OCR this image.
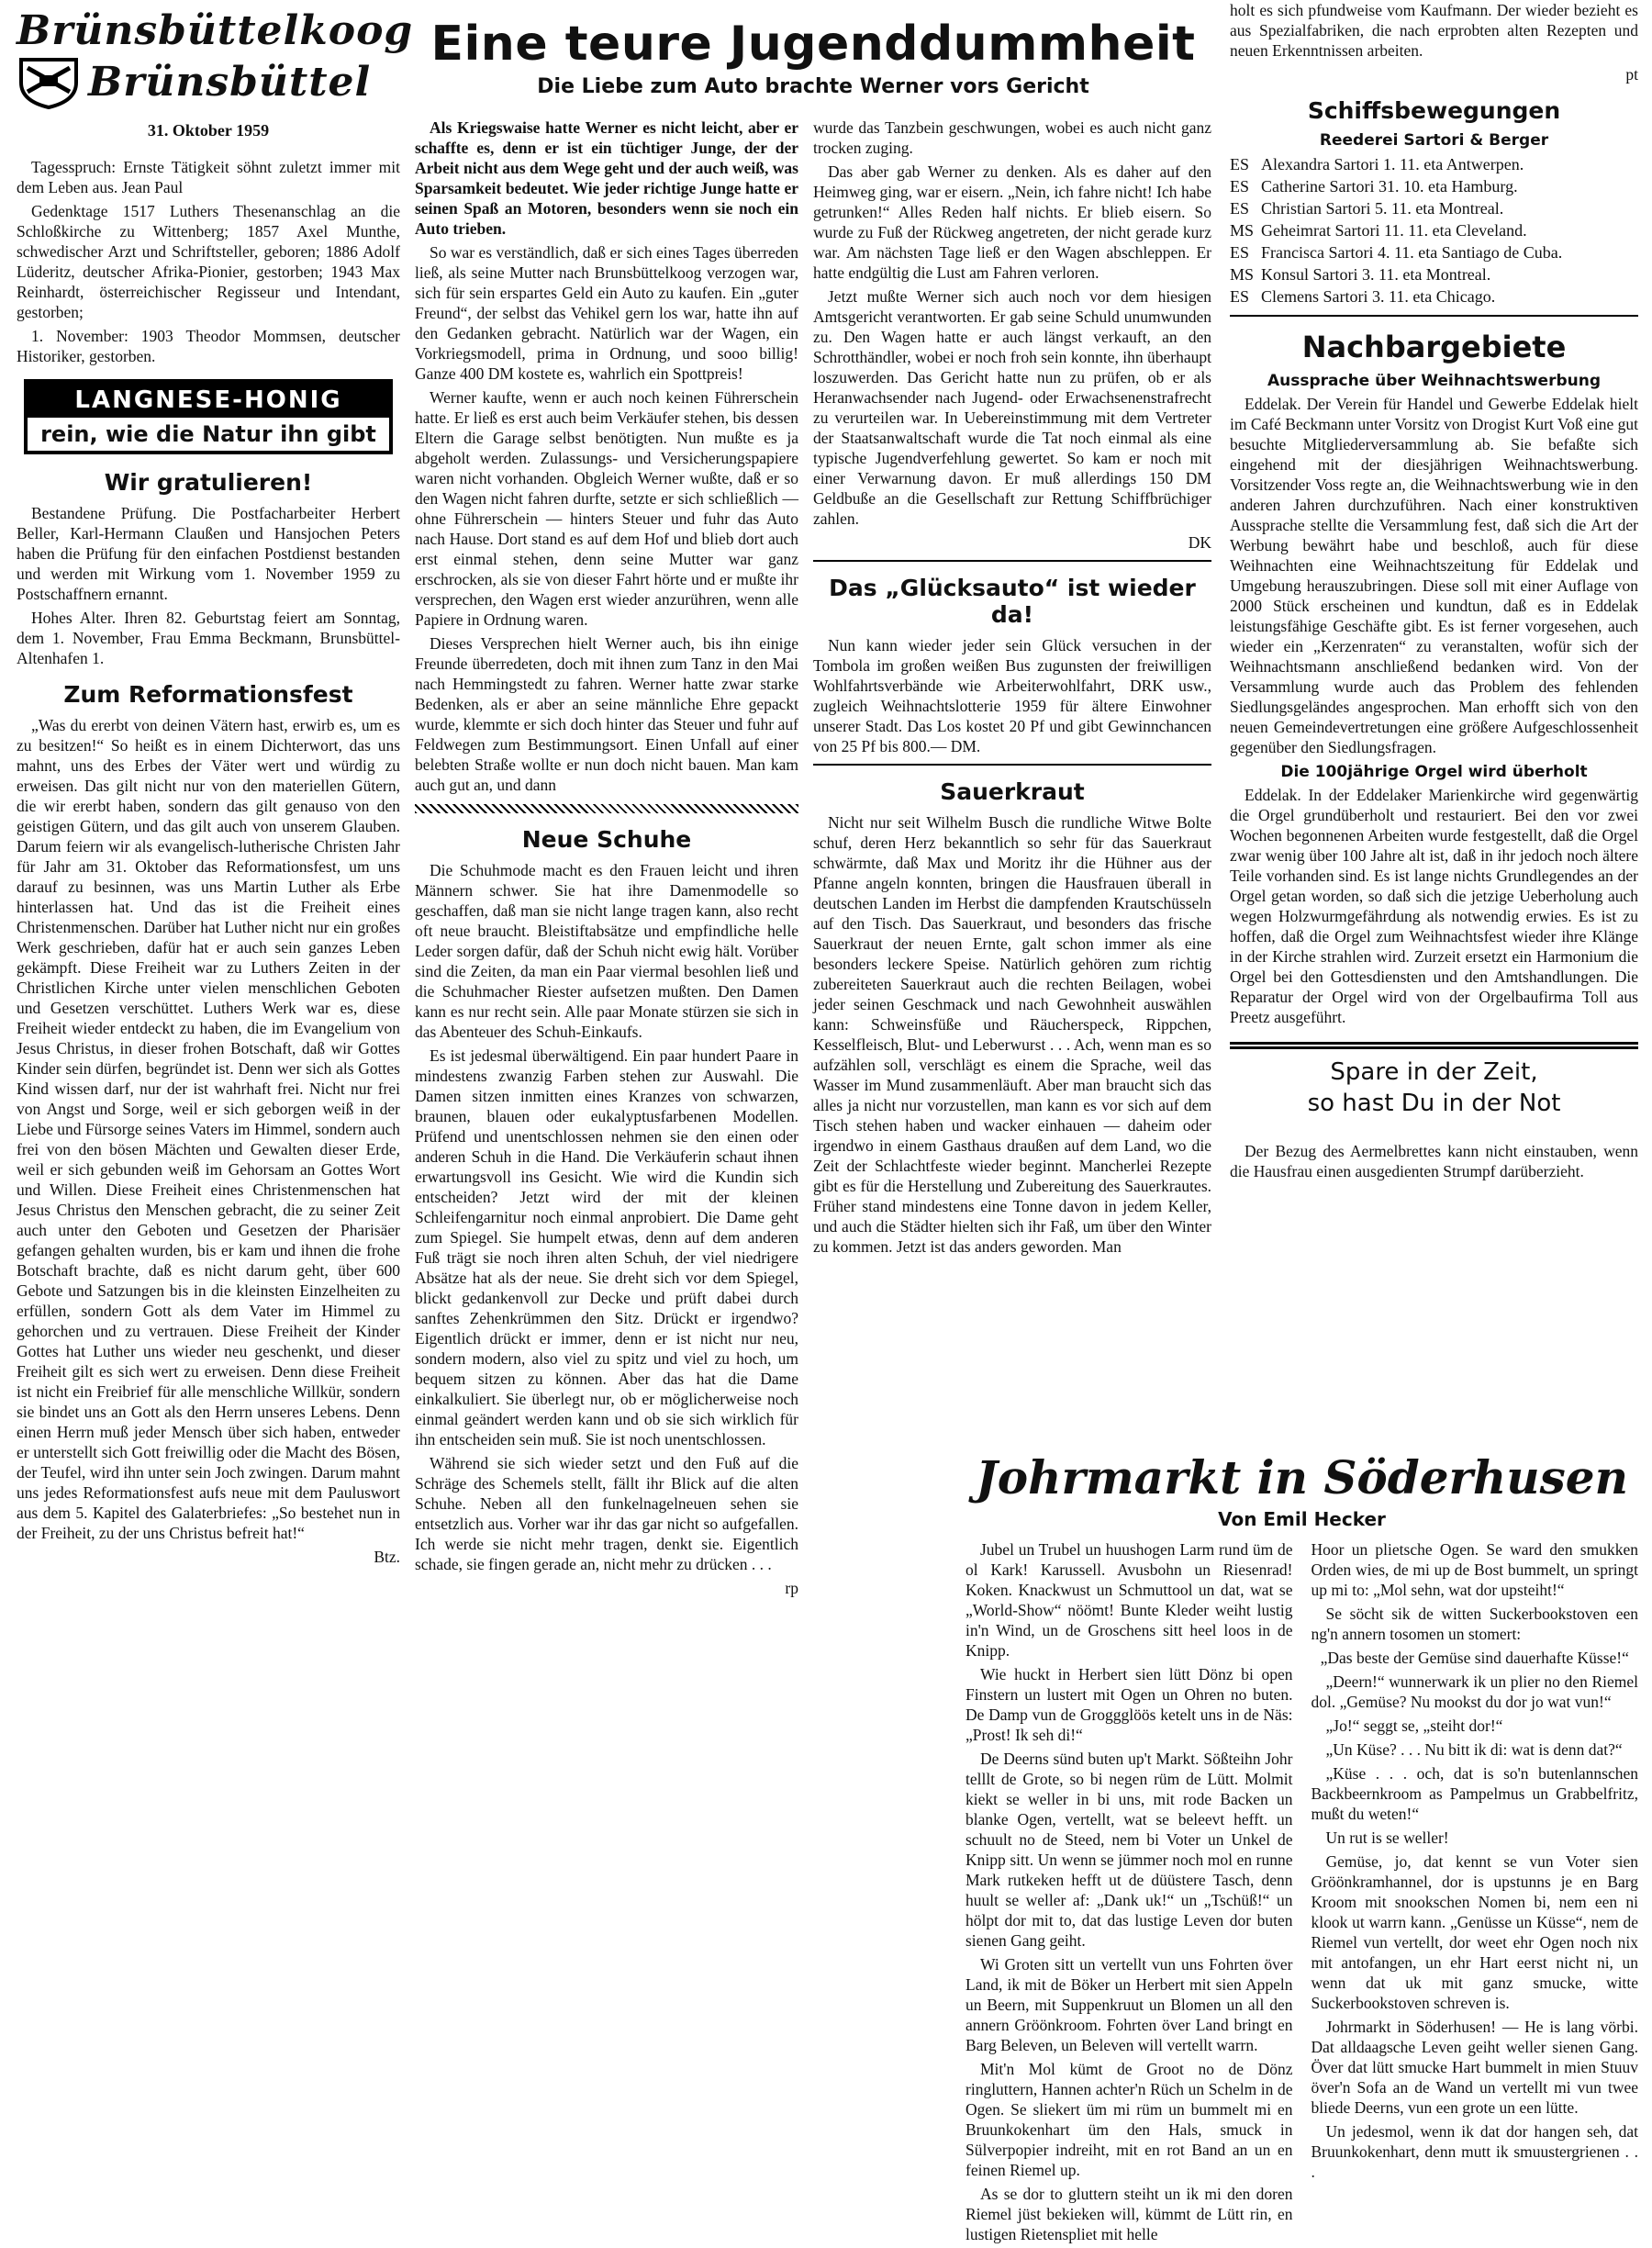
Brünsbüttelkoog
Brünsbüttel
31. Oktober 1959

Tagesspruch: Ernste Tätigkeit söhnt zuletzt immer mit dem Leben aus. Jean Paul

Gedenktage 1517 Luthers Thesenanschlag an die Schloßkirche zu Wittenberg; 1857 Axel Munthe, schwedischer Arzt und Schriftsteller, geboren; 1886 Adolf Lüderitz, deutscher Afrika-Pionier, gestorben; 1943 Max Reinhardt, österreichischer Regisseur und Intendant, gestorben;

1. November: 1903 Theodor Mommsen, deutscher Historiker, gestorben.

LANGNESE-HONIG
rein, wie die Natur ihn gibt
Wir gratulieren!

Bestandene Prüfung. Die Postfacharbeiter Herbert Beller, Karl-Hermann Claußen und Hansjochen Peters haben die Prüfung für den einfachen Postdienst bestanden und werden mit Wirkung vom 1. November 1959 zu Postschaffnern ernannt.

Hohes Alter. Ihren 82. Geburtstag feiert am Sonntag, dem 1. November, Frau Emma Beckmann, Brunsbüttel-Altenhafen 1.

Zum Reformationsfest

„Was du ererbt von deinen Vätern hast, erwirb es, um es zu besitzen!“ So heißt es in einem Dichterwort, das uns mahnt, uns des Erbes der Väter wert und würdig zu erweisen. Das gilt nicht nur von den materiellen Gütern, die wir ererbt haben, sondern das gilt genauso von den geistigen Gütern, und das gilt auch von unserem Glauben. Darum feiern wir als evangelisch-lutherische Christen Jahr für Jahr am 31. Oktober das Reformationsfest, um uns darauf zu besinnen, was uns Martin Luther als Erbe hinterlassen hat. Und das ist die Freiheit eines Christenmenschen. Darüber hat Luther nicht nur ein großes Werk geschrieben, dafür hat er auch sein ganzes Leben gekämpft. Diese Freiheit war zu Luthers Zeiten in der Christlichen Kirche unter vielen menschlichen Geboten und Gesetzen verschüttet. Luthers Werk war es, diese Freiheit wieder entdeckt zu haben, die im Evangelium von Jesus Christus, in dieser frohen Botschaft, daß wir Gottes Kinder sein dürfen, begründet ist. Denn wer sich als Gottes Kind wissen darf, nur der ist wahrhaft frei. Nicht nur frei von Angst und Sorge, weil er sich geborgen weiß in der Liebe und Fürsorge seines Vaters im Himmel, sondern auch frei von den bösen Mächten und Gewalten dieser Erde, weil er sich gebunden weiß im Gehorsam an Gottes Wort und Willen. Diese Freiheit eines Christenmenschen hat Jesus Christus den Menschen gebracht, die zu seiner Zeit auch unter den Geboten und Gesetzen der Pharisäer gefangen gehalten wurden, bis er kam und ihnen die frohe Botschaft brachte, daß es nicht darum geht, über 600 Gebote und Satzungen bis in die kleinsten Einzelheiten zu erfüllen, sondern Gott als dem Vater im Himmel zu gehorchen und zu vertrauen. Diese Freiheit der Kinder Gottes hat Luther uns wieder neu geschenkt, und dieser Freiheit gilt es sich wert zu erweisen. Denn diese Freiheit ist nicht ein Freibrief für alle menschliche Willkür, sondern sie bindet uns an Gott als den Herrn unseres Lebens. Denn einen Herrn muß jeder Mensch über sich haben, entweder er unterstellt sich Gott freiwillig oder die Macht des Bösen, der Teufel, wird ihn unter sein Joch zwingen. Darum mahnt uns jedes Reformationsfest aufs neue mit dem Pauluswort aus dem 5. Kapitel des Galaterbriefes: „So bestehet nun in der Freiheit, zu der uns Christus befreit hat!“

Btz.

Eine teure Jugenddummheit
Die Liebe zum Auto brachte Werner vors Gericht

Als Kriegswaise hatte Werner es nicht leicht, aber er schaffte es, denn er ist ein tüchtiger Junge, der der Arbeit nicht aus dem Wege geht und der auch weiß, was Sparsamkeit bedeutet. Wie jeder richtige Junge hatte er seinen Spaß an Motoren, besonders wenn sie noch ein Auto trieben.

So war es verständlich, daß er sich eines Tages überreden ließ, als seine Mutter nach Brunsbüttelkoog verzogen war, sich für sein erspartes Geld ein Auto zu kaufen. Ein „guter Freund“, der selbst das Vehikel gern los war, hatte ihn auf den Gedanken gebracht. Natürlich war der Wagen, ein Vorkriegsmodell, prima in Ordnung, und sooo billig! Ganze 400 DM kostete es, wahrlich ein Spottpreis!

Werner kaufte, wenn er auch noch keinen Führerschein hatte. Er ließ es erst auch beim Verkäufer stehen, bis dessen Eltern die Garage selbst benötigten. Nun mußte es ja abgeholt werden. Zulassungs- und Versicherungspapiere waren nicht vorhanden. Obgleich Werner wußte, daß er so den Wagen nicht fahren durfte, setzte er sich schließlich — ohne Führerschein — hinters Steuer und fuhr das Auto nach Hause. Dort stand es auf dem Hof und blieb dort auch erst einmal stehen, denn seine Mutter war ganz erschrocken, als sie von dieser Fahrt hörte und er mußte ihr versprechen, den Wagen erst wieder anzurühren, wenn alle Papiere in Ordnung waren.

Dieses Versprechen hielt Werner auch, bis ihn einige Freunde überredeten, doch mit ihnen zum Tanz in den Mai nach Hemmingstedt zu fahren. Werner hatte zwar starke Bedenken, als er aber an seine männliche Ehre gepackt wurde, klemmte er sich doch hinter das Steuer und fuhr auf Feldwegen zum Bestimmungsort. Einen Unfall auf einer belebten Straße wollte er nun doch nicht bauen. Man kam auch gut an, und dann

Neue Schuhe

Die Schuhmode macht es den Frauen leicht und ihren Männern schwer. Sie hat ihre Damenmodelle so geschaffen, daß man sie nicht lange tragen kann, also recht oft neue braucht. Bleistiftabsätze und empfindliche helle Leder sorgen dafür, daß der Schuh nicht ewig hält. Vorüber sind die Zeiten, da man ein Paar viermal besohlen ließ und die Schuhmacher Riester aufsetzen mußten. Den Damen kann es nur recht sein. Alle paar Monate stürzen sie sich in das Abenteuer des Schuh-Einkaufs.

Es ist jedesmal überwältigend. Ein paar hundert Paare in mindestens zwanzig Farben stehen zur Auswahl. Die Damen sitzen inmitten eines Kranzes von schwarzen, braunen, blauen oder eukalyptusfarbenen Modellen. Prüfend und unentschlossen nehmen sie den einen oder anderen Schuh in die Hand. Die Verkäuferin schaut ihnen erwartungsvoll ins Gesicht. Wie wird die Kundin sich entscheiden? Jetzt wird der mit der kleinen Schleifengarnitur noch einmal anprobiert. Die Dame geht zum Spiegel. Sie humpelt etwas, denn auf dem anderen Fuß trägt sie noch ihren alten Schuh, der viel niedrigere Absätze hat als der neue. Sie dreht sich vor dem Spiegel, blickt gedankenvoll zur Decke und prüft dabei durch sanftes Zehenkrümmen den Sitz. Drückt er irgendwo? Eigentlich drückt er immer, denn er ist nicht nur neu, sondern modern, also viel zu spitz und viel zu hoch, um bequem sitzen zu können. Aber das hat die Dame einkalkuliert. Sie überlegt nur, ob er möglicherweise noch einmal geändert werden kann und ob sie sich wirklich für ihn entscheiden sein muß. Sie ist noch unentschlossen.

Während sie sich wieder setzt und den Fuß auf die Schräge des Schemels stellt, fällt ihr Blick auf die alten Schuhe. Neben all den funkelnagelneuen sehen sie entsetzlich aus. Vorher war ihr das gar nicht so aufgefallen. Ich werde sie nicht mehr tragen, denkt sie. Eigentlich schade, sie fingen gerade an, nicht mehr zu drücken . . .

rp

wurde das Tanzbein geschwungen, wobei es auch nicht ganz trocken zuging.

Das aber gab Werner zu denken. Als es daher auf den Heimweg ging, war er eisern. „Nein, ich fahre nicht! Ich habe getrunken!“ Alles Reden half nichts. Er blieb eisern. So wurde zu Fuß der Rückweg angetreten, der nicht gerade kurz war. Am nächsten Tage ließ er den Wagen abschleppen. Er hatte endgültig die Lust am Fahren verloren.

Jetzt mußte Werner sich auch noch vor dem hiesigen Amtsgericht verantworten. Er gab seine Schuld unumwunden zu. Den Wagen hatte er auch längst verkauft, an den Schrotthändler, wobei er noch froh sein konnte, ihn überhaupt loszuwerden. Das Gericht hatte nun zu prüfen, ob er als Heranwachsender nach Jugend- oder Erwachsenenstrafrecht zu verurteilen war. In Uebereinstimmung mit dem Vertreter der Staatsanwaltschaft wurde die Tat noch einmal als eine typische Jugendverfehlung gewertet. So kam er noch mit einer Verwarnung davon. Er muß allerdings 150 DM Geldbuße an die Gesellschaft zur Rettung Schiffbrüchiger zahlen.

DK

Das „Glücksauto“ ist wieder da!

Nun kann wieder jeder sein Glück versuchen in der Tombola im großen weißen Bus zugunsten der freiwilligen Wohlfahrtsverbände wie Arbeiterwohlfahrt, DRK usw., zugleich Weihnachtslotterie 1959 für ältere Einwohner unserer Stadt. Das Los kostet 20 Pf und gibt Gewinnchancen von 25 Pf bis 800.— DM.

Sauerkraut

Nicht nur seit Wilhelm Busch die rundliche Witwe Bolte schuf, deren Herz bekanntlich so sehr für das Sauerkraut schwärmte, daß Max und Moritz ihr die Hühner aus der Pfanne angeln konnten, bringen die Hausfrauen überall in deutschen Landen im Herbst die dampfenden Krautschüsseln auf den Tisch. Das Sauerkraut, und besonders das frische Sauerkraut der neuen Ernte, galt schon immer als eine besonders leckere Speise. Natürlich gehören zum richtig zubereiteten Sauerkraut auch die rechten Beilagen, wobei jeder seinen Geschmack und nach Gewohnheit auswählen kann: Schweinsfüße und Räucherspeck, Rippchen, Kesselfleisch, Blut- und Leberwurst . . . Ach, wenn man es so aufzählen soll, verschlägt es einem die Sprache, weil das Wasser im Mund zusammenläuft. Aber man braucht sich das alles ja nicht nur vorzustellen, man kann es vor sich auf dem Tisch stehen haben und wacker einhauen — daheim oder irgendwo in einem Gasthaus draußen auf dem Land, wo die Zeit der Schlachtfeste wieder beginnt. Mancherlei Rezepte gibt es für die Herstellung und Zubereitung des Sauerkrautes. Früher stand mindestens eine Tonne davon in jedem Keller, und auch die Städter hielten sich ihr Faß, um über den Winter zu kommen. Jetzt ist das anders geworden. Man

holt es sich pfundweise vom Kaufmann. Der wieder bezieht es aus Spezialfabriken, die nach erprobten alten Rezepten und neuen Erkenntnissen arbeiten.

pt

Schiffsbewegungen
Reederei Sartori & Berger
ES Alexandra Sartori 1. 11. eta Antwerpen.
ES Catherine Sartori 31. 10. eta Hamburg.
ES Christian Sartori 5. 11. eta Montreal.
MS Geheimrat Sartori 11. 11. eta Cleveland.
ES Francisca Sartori 4. 11. eta Santiago de Cuba.
MS Konsul Sartori 3. 11. eta Montreal.
ES Clemens Sartori 3. 11. eta Chicago.
Nachbargebiete
Aussprache über Weihnachtswerbung

Eddelak. Der Verein für Handel und Gewerbe Eddelak hielt im Café Beckmann unter Vorsitz von Drogist Kurt Voß eine gut besuchte Mitgliederversammlung ab. Sie befaßte sich eingehend mit der diesjährigen Weihnachtswerbung. Vorsitzender Voss regte an, die Weihnachtswerbung wie in den anderen Jahren durchzuführen. Nach einer konstruktiven Aussprache stellte die Versammlung fest, daß sich die Art der Werbung bewährt habe und beschloß, auch für diese Weihnachten eine Weihnachtszeitung für Eddelak und Umgebung herauszubringen. Diese soll mit einer Auflage von 2000 Stück erscheinen und kundtun, daß es in Eddelak leistungsfähige Geschäfte gibt. Es ist ferner vorgesehen, auch wieder ein „Kerzenraten“ zu veranstalten, wofür sich der Weihnachtsmann anschließend bedanken wird. Von der Versammlung wurde auch das Problem des fehlenden Siedlungsgeländes angesprochen. Man erhofft sich von den neuen Gemeindevertretungen eine größere Aufgeschlossenheit gegenüber den Siedlungsfragen.

Die 100jährige Orgel wird überholt

Eddelak. In der Eddelaker Marienkirche wird gegenwärtig die Orgel grundüberholt und restauriert. Bei den vor zwei Wochen begonnenen Arbeiten wurde festgestellt, daß die Orgel zwar wenig über 100 Jahre alt ist, daß in ihr jedoch noch ältere Teile vorhanden sind. Es ist lange nichts Grundlegendes an der Orgel getan worden, so daß sich die jetzige Ueberholung auch wegen Holzwurmgefährdung als notwendig erwies. Es ist zu hoffen, daß die Orgel zum Weihnachtsfest wieder ihre Klänge in der Kirche strahlen wird. Zurzeit ersetzt ein Harmonium die Orgel bei den Gottesdiensten und den Amtshandlungen. Die Reparatur der Orgel wird von der Orgelbaufirma Toll aus Preetz ausgeführt.

Spare in der Zeit,
so hast Du in der Not

Der Bezug des Aermelbrettes kann nicht einstauben, wenn die Hausfrau einen ausgedienten Strumpf darüberzieht.

Johrmarkt in Söderhusen
Von Emil Hecker

Jubel un Trubel un huushogen Larm rund üm de ol Kark! Karussell. Avusbohn un Riesenrad! Koken. Knackwust un Schmuttool un dat, wat se „World-Show“ nöömt! Bunte Kleder weiht lustig in'n Wind, un de Groschens sitt heel loos in de Knipp.

Wie huckt in Herbert sien lütt Dönz bi open Finstern un lustert mit Ogen un Ohren no buten. De Damp vun de Groggglöös ketelt uns in de Näs: „Prost! Ik seh di!“

De Deerns sünd buten up't Markt. Sößteihn Johr telllt de Grote, so bi negen rüm de Lütt. Molmit kiekt se weller in bi uns, mit rode Backen un blanke Ogen, vertellt, wat se beleevt hefft. un schuult no de Steed, nem bi Voter un Unkel de Knipp sitt. Un wenn se jümmer noch mol en runne Mark rutkeken hefft ut de düüstere Tasch, denn huult se weller af: „Dank uk!“ un „Tschüß!“ un hölpt dor mit to, dat das lustige Leven dor buten sienen Gang geiht.

Wi Groten sitt un vertellt vun uns Fohrten över Land, ik mit de Böker un Herbert mit sien Appeln un Beern, mit Suppenkruut un Blomen un all den annern Gröönkroom. Fohrten över Land bringt en Barg Beleven, un Beleven will vertellt warrn.

Mit'n Mol kümt de Groot no de Dönz ringluttern, Hannen achter'n Rüch un Schelm in de Ogen. Se sliekert üm mi rüm un bummelt mi en Bruunkokenhart üm den Hals, smuck in Sülverpopier indreiht, mit en rot Band an un en feinen Riemel up.

As se dor to gluttern steiht un ik mi den doren Riemel jüst bekieken will, kümmt de Lütt rin, en lustigen Rietenspliet mit helle

Hoor un plietsche Ogen. Se ward den smukken Orden wies, de mi up de Bost bummelt, un springt up mi to: „Mol sehn, wat dor upsteiht!“

Se söcht sik de witten Suckerbookstoven een ng'n annern tosomen un stomert:

„Das beste der Gemüse sind dauerhafte Küsse!“

„Deern!“ wunnerwark ik un plier no den Riemel dol. „Gemüse? Nu mookst du dor jo wat vun!“

„Jo!“ seggt se, „steiht dor!“

„Un Küse? . . . Nu bitt ik di: wat is denn dat?“

„Küse . . . och, dat is so'n butenlannschen Backbeernkroom as Pampelmus un Grabbelfritz, mußt du weten!“

Un rut is se weller!

Gemüse, jo, dat kennt se vun Voter sien Gröönkramhannel, dor is upstunns je en Barg Kroom mit snookschen Nomen bi, nem een ni klook ut warrn kann. „Genüsse un Küsse“, nem de Riemel vun vertellt, dor weet ehr Ogen noch nix mit antofangen, un ehr Hart eerst nicht ni, un wenn dat uk mit ganz smucke, witte Suckerbookstoven schreven is.

Johrmarkt in Söderhusen! — He is lang vörbi. Dat alldaagsche Leven geiht weller sienen Gang. Över dat lütt smucke Hart bummelt in mien Stuuv över'n Sofa an de Wand un vertellt mi vun twee bliede Deerns, vun een grote un een lütte.

Un jedesmol, wenn ik dat dor hangen seh, dat Bruunkokenhart, denn mutt ik smuustergrienen . . .
